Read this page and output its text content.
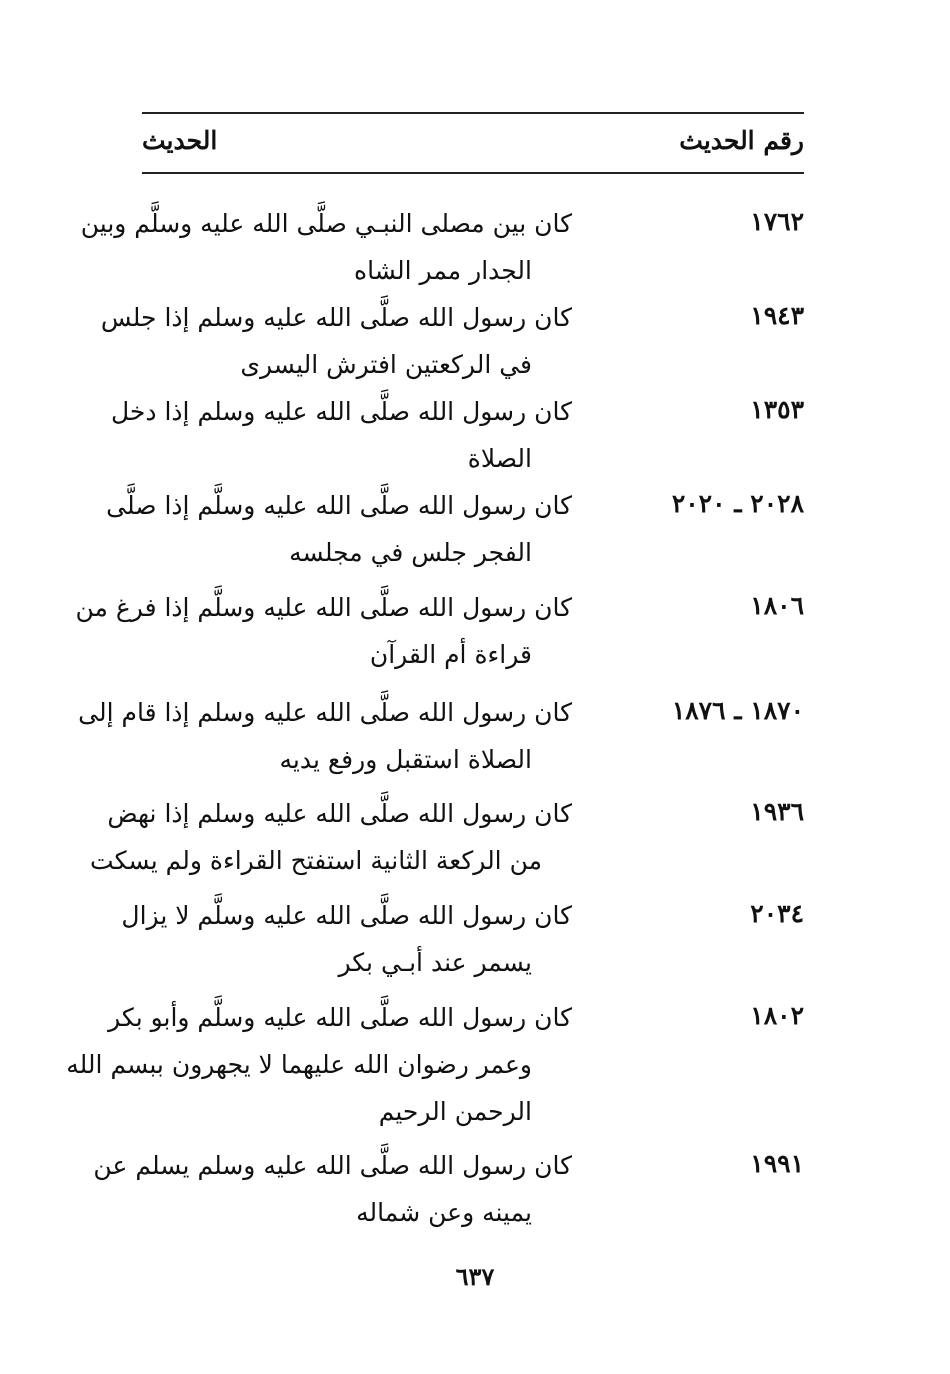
رقم الحديث
الحديث
١٧٦٢
كان بين مصلى النبـي صلَّى الله عليه وسلَّم وبين
الجدار ممر الشاه
١٩٤٣
كان رسول الله صلَّى الله عليه وسلم إذا جلس
في الركعتين افترش اليسرى
١٣٥٣
كان رسول الله صلَّى الله عليه وسلم إذا دخل
الصلاة
٢٠٢٨ ـ ٢٠٢٠
كان رسول الله صلَّى الله عليه وسلَّم إذا صلَّى
الفجر جلس في مجلسه
١٨٠٦
كان رسول الله صلَّى الله عليه وسلَّم إذا فرغ من
قراءة أم القرآن
١٨٧٠ ـ ١٨٧٦
كان رسول الله صلَّى الله عليه وسلم إذا قام إلى
الصلاة استقبل ورفع يديه
١٩٣٦
كان رسول الله صلَّى الله عليه وسلم إذا نهض
من الركعة الثانية استفتح القراءة ولم يسكت
٢٠٣٤
كان رسول الله صلَّى الله عليه وسلَّم لا يزال
يسمر عند أبـي بكر
١٨٠٢
كان رسول الله صلَّى الله عليه وسلَّم وأبو بكر
وعمر رضوان الله عليهما لا يجهرون ببسم الله
الرحمن الرحيم
١٩٩١
كان رسول الله صلَّى الله عليه وسلم يسلم عن
يمينه وعن شماله
٦٣٧
